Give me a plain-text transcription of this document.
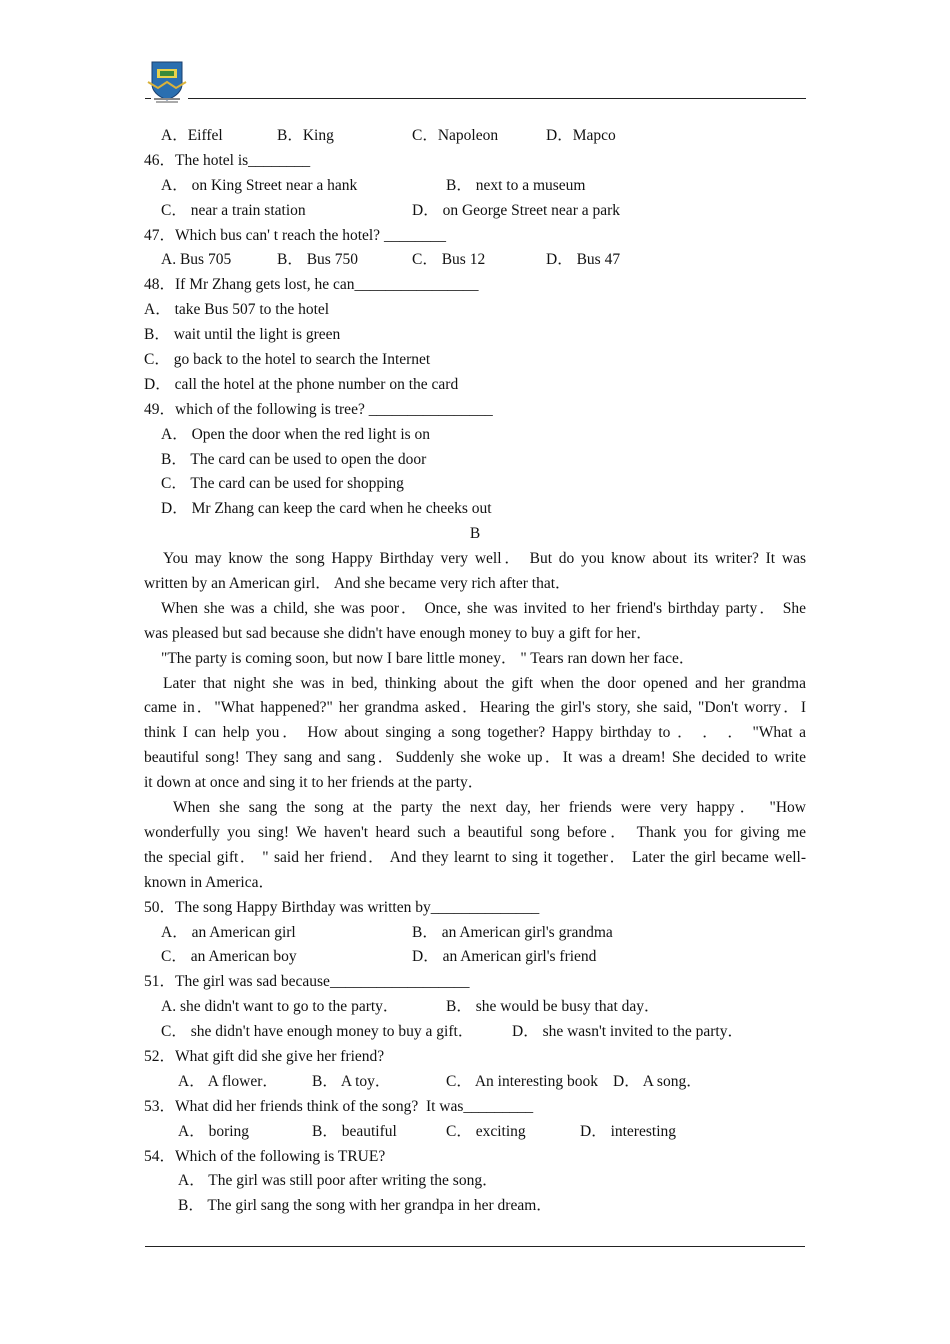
A．Eiffel

	B．King

	C．Napoleon

	D．Mapco

46．The hotel is________

A． on King Street near a hank

	B． next to a museum

C． near a train station

	D． on George Street near a park

47．Which bus can' t reach the hotel? ________

A. Bus 705

	B． Bus 750

	C． Bus 12

	D． Bus 47

48．If Mr Zhang gets lost, he can________________
A． take Bus 507 to the hotel
B． wait until the light is green
C． go back to the hotel to search the Internet
D． call the hotel at the phone number on the card
49．which of the following is tree? ________________
A． Open the door when the red light is on
B． The card can be used to open the door
C． The card can be used for shopping
D． Mr Zhang can keep the card when he cheeks out
B
You may know the song Happy Birthday very well． But do you know about its writer? It was
written by an American girl． And she became very rich after that．
When she was a child, she was poor． Once, she was invited to her friend's birthday party． She
was pleased but sad because she didn't have enough money to buy a gift for her．
"The party is coming soon, but now I bare little money． " Tears ran down her face．
Later that night she was in bed, thinking about the gift when the door opened and her grandma
came in．"What happened?" her grandma asked．Hearing the girl's story, she said, "Don't worry．I
think I can help you． How about singing a song together? Happy birthday to ． ． ． "What a
beautiful song! They sang and sang．Suddenly she woke up．It was a dream! She decided to write
it down at once and sing it to her friends at the party．
When she sang the song at the party the next day, her friends were very happy． "How
wonderfully you sing! We haven't heard such a beautiful song before． Thank you for giving me
the special gift． " said her friend． And they learnt to sing it together． Later the girl became well-
known in America．
50．The song Happy Birthday was written by______________

A． an American girl

	B． an American girl's grandma

C． an American boy

	D． an American girl's friend

51．The girl was sad because__________________

A. she didn't want to go to the party．

	B． she would be busy that day．

C． she didn't have enough money to buy a gift．

D． she wasn't invited to the party．

52．What gift did she give her friend?

A． A flower．

B． A toy．

	C． An interesting book

D． A song．

53．What did her friends think of the song?  It was_________

A． boring

	B． beautiful

	C． exciting

	D． interesting

54．Which of the following is TRUE?
A． The girl was still poor after writing the song．
B． The girl sang the song with her grandpa in her dream．
